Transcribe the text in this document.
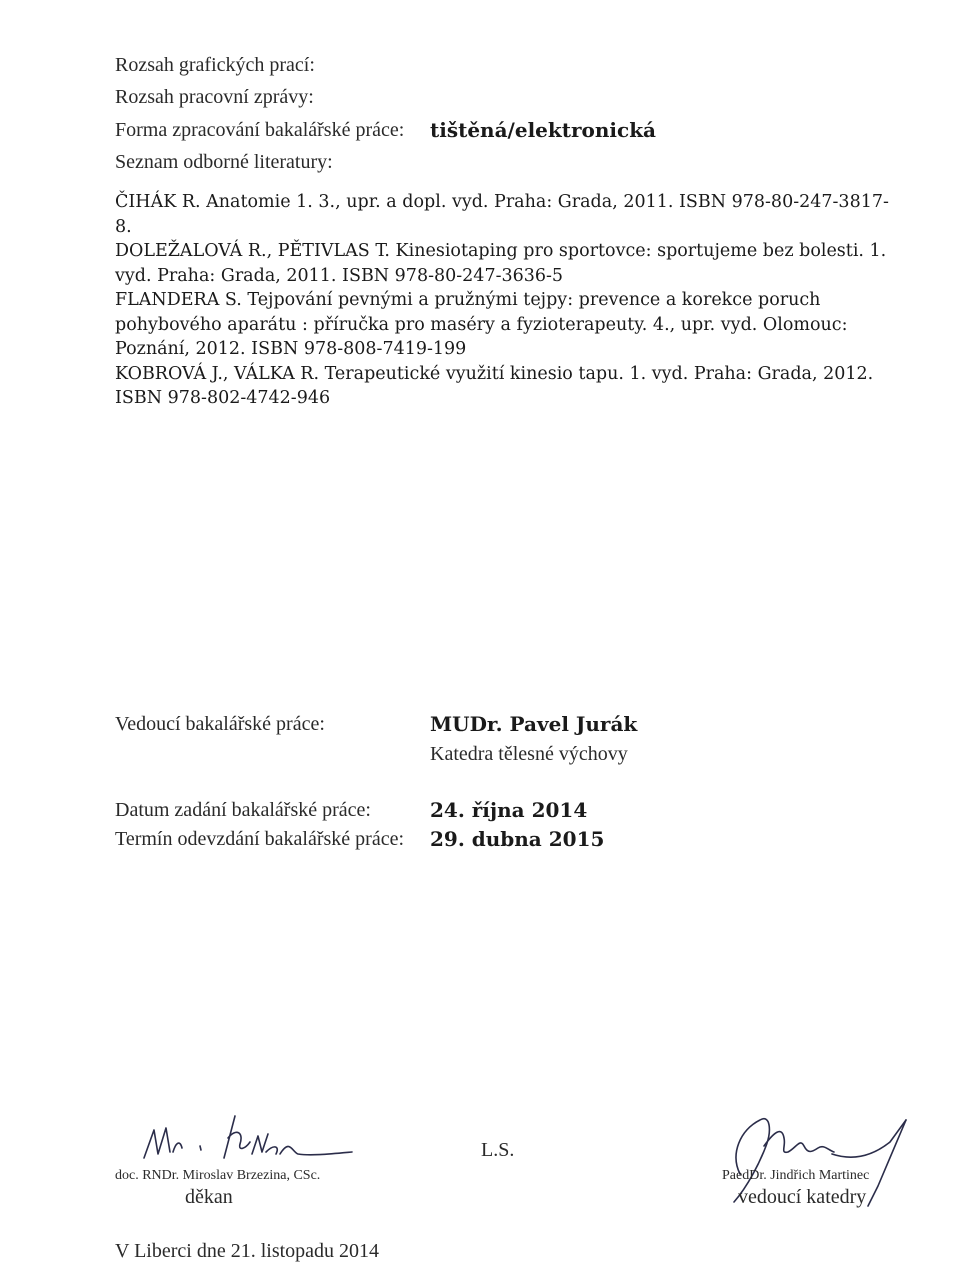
Rozsah grafických prací:
Rozsah pracovní zprávy:
Forma zpracování bakalářské práce: tištěná/elektronická
Seznam odborné literatury:

ČIHÁK R. Anatomie 1. 3., upr. a dopl. vyd. Praha: Grada, 2011. ISBN 978-80-247-3817-8.

DOLEŽALOVÁ R., PĚTIVLAS T. Kinesiotaping pro sportovce: sportujeme bez bolesti. 1. vyd. Praha: Grada, 2011. ISBN 978-80-247-3636-5

FLANDERA S. Tejpování pevnými a pružnými tejpy: prevence a korekce poruch pohybového aparátu : příručka pro maséry a fyzioterapeuty. 4., upr. vyd. Olomouc: Poznání, 2012. ISBN 978-808-7419-199

KOBROVÁ J., VÁLKA R. Terapeutické využití kinesio tapu. 1. vyd. Praha: Grada, 2012. ISBN 978-802-4742-946

Vedoucí bakalářské práce:	MUDr. Pavel Jurák
Katedra tělesné výchovy
Datum zadání bakalářské práce:	24. října 2014
Termín odevzdání bakalářské práce: 29. dubna 2015
doc. RNDr. Miroslav Brzezina, CSc.
děkan
L.S.
PaedDr. Jindřich Martinec
vedoucí katedry
V Liberci dne 21. listopadu 2014
